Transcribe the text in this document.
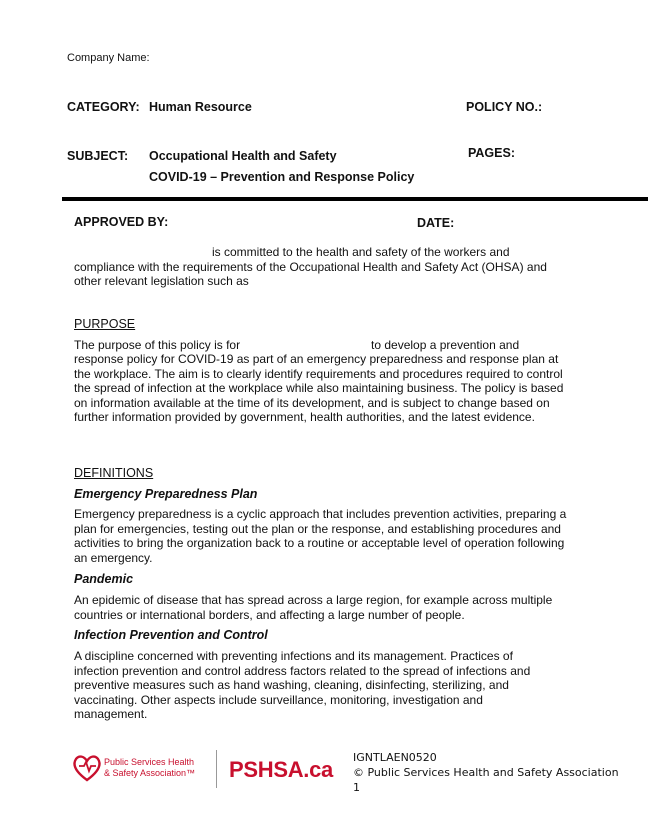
Company Name:
CATEGORY: Human Resource	POLICY NO.:
SUBJECT: Occupational Health and Safety
COVID-19 – Prevention and Response Policy
PAGES:
APPROVED BY:	DATE:
is committed to the health and safety of the workers and
compliance with the requirements of the Occupational Health and Safety Act (OHSA) and
other relevant legislation such as
PURPOSE
The purpose of this policy is for	to develop a prevention and
response policy for COVID-19 as part of an emergency preparedness and response plan at the workplace. The aim is to clearly identify requirements and procedures required to control the spread of infection at the workplace while also maintaining business. The policy is based on information available at the time of its development, and is subject to change based on further information provided by government, health authorities, and the latest evidence.
DEFINITIONS
Emergency Preparedness Plan
Emergency preparedness is a cyclic approach that includes prevention activities, preparing a plan for emergencies, testing out the plan or the response, and establishing procedures and activities to bring the organization back to a routine or acceptable level of operation following an emergency.
Pandemic
An epidemic of disease that has spread across a large region, for example across multiple countries or international borders, and affecting a large number of people.
Infection Prevention and Control
A discipline concerned with preventing infections and its management. Practices of infection prevention and control address factors related to the spread of infections and preventive measures such as hand washing, cleaning, disinfecting, sterilizing, and vaccinating. Other aspects include surveillance, monitoring, investigation and management.
Public Services Health
& Safety Association™ PSHSA.ca IGNTLAEN0520
© Public Services Health and Safety Association
1
